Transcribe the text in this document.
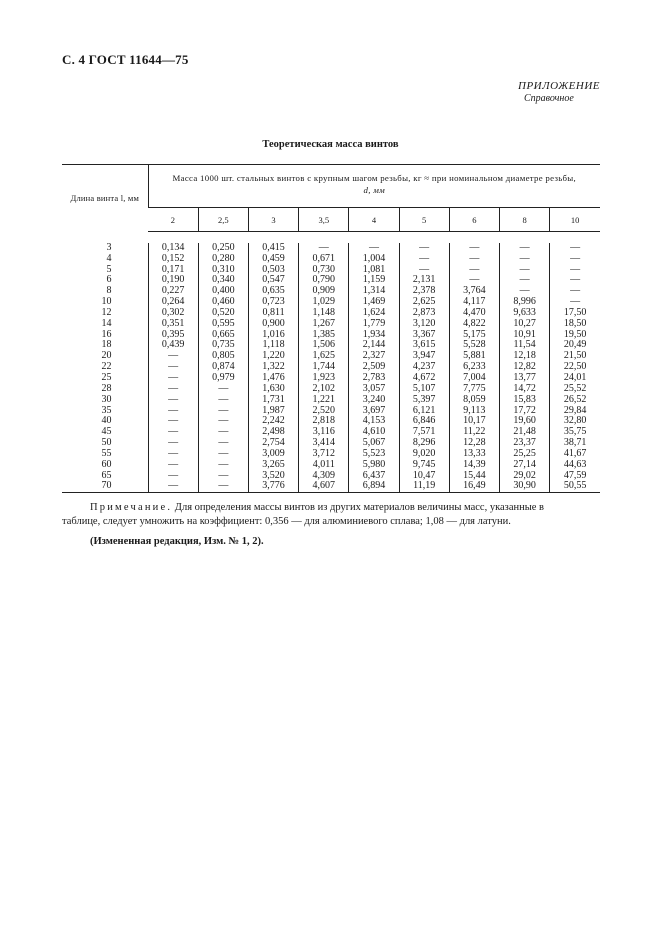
С. 4 ГОСТ 11644—75
ПРИЛОЖЕНИЕ
Справочное
Теоретическая масса винтов
Длина винта l, мм	Масса 1000 шт. стальных винтов с крупным шагом резьбы, кг ≈ при номинальном диаметре резьбы,
d, мм								

	2	2,5	3	3,5	4	5	6	8	10

3	0,134	0,250	0,415	—	—	—	—	—	—
4	0,152	0,280	0,459	0,671	1,004	—	—	—	—
5	0,171	0,310	0,503	0,730	1,081	—	—	—	—
6	0,190	0,340	0,547	0,790	1,159	2,131	—	—	—
8	0,227	0,400	0,635	0,909	1,314	2,378	3,764	—	—
10	0,264	0,460	0,723	1,029	1,469	2,625	4,117	8,996	—
12	0,302	0,520	0,811	1,148	1,624	2,873	4,470	9,633	17,50
14	0,351	0,595	0,900	1,267	1,779	3,120	4,822	10,27	18,50
16	0,395	0,665	1,016	1,385	1,934	3,367	5,175	10,91	19,50
18	0,439	0,735	1,118	1,506	2,144	3,615	5,528	11,54	20,49
20	—	0,805	1,220	1,625	2,327	3,947	5,881	12,18	21,50
22	—	0,874	1,322	1,744	2,509	4,237	6,233	12,82	22,50
25	—	0,979	1,476	1,923	2,783	4,672	7,004	13,77	24,01
28	—	—	1,630	2,102	3,057	5,107	7,775	14,72	25,52
30	—	—	1,731	1,221	3,240	5,397	8,059	15,83	26,52
35	—	—	1,987	2,520	3,697	6,121	9,113	17,72	29,84
40	—	—	2,242	2,818	4,153	6,846	10,17	19,60	32,80
45	—	—	2,498	3,116	4,610	7,571	11,22	21,48	35,75
50	—	—	2,754	3,414	5,067	8,296	12,28	23,37	38,71
55	—	—	3,009	3,712	5,523	9,020	13,33	25,25	41,67
60	—	—	3,265	4,011	5,980	9,745	14,39	27,14	44,63
65	—	—	3,520	4,309	6,437	10,47	15,44	29,02	47,59
70	—	—	3,776	4,607	6,894	11,19	16,49	30,90	50,55
Примечание. Для определения массы винтов из других материалов величины масс, указанные в
таблице, следует умножить на коэффициент: 0,356 — для алюминиевого сплава; 1,08 — для латуни.
(Измененная редакция, Изм. № 1, 2).
